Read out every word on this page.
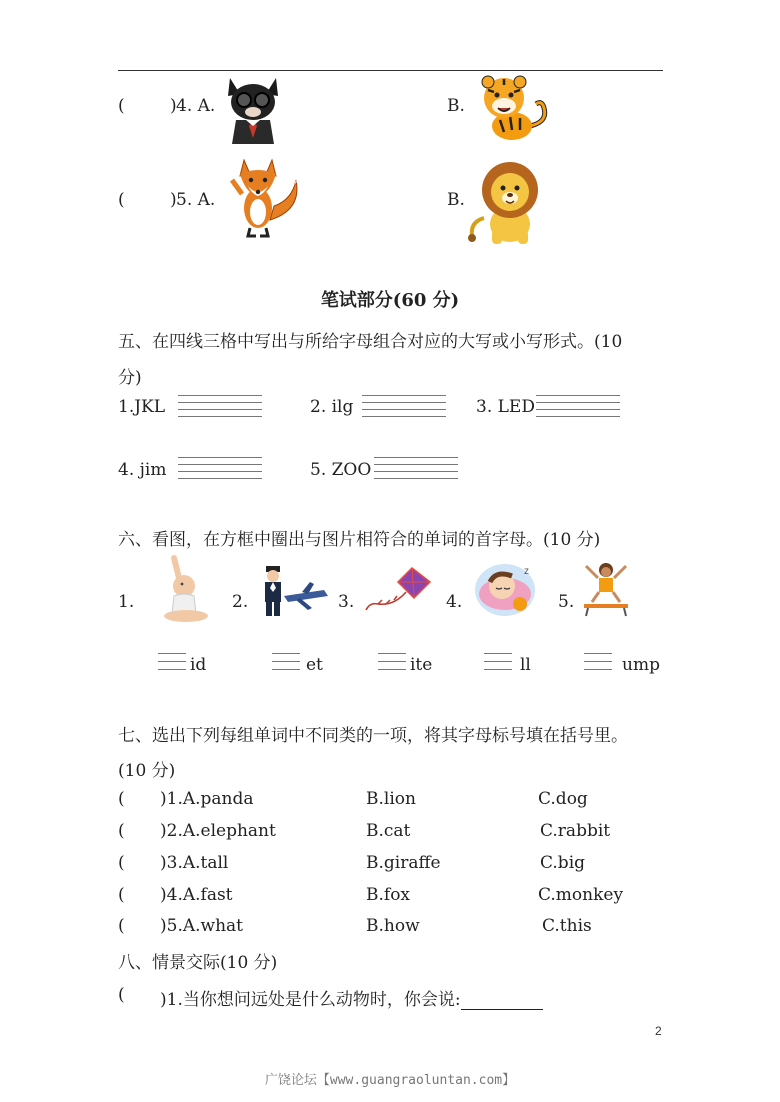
(	) 4. A.	B.
(	) 5. A.	B.
笔试部分(60 分)
五、在四线三格中写出与所给字母组合对应的大写或小写形式。(10
分)
1.JKL	2. ilg	3. LED
4. jim	5. ZOO
六、看图，在方框中圈出与图片相符合的单词的首字母。(10 分)
1.	2.	3.	4.
z
5.
id	et	ite	ll	ump
七、选出下列每组单词中不同类的一项，将其字母标号填在括号里。
(10 分)
( )1.A.panda	B.lion	C.dog
( )2.A.elephant	B.cat	C.rabbit
( )3.A.tall	B.giraffe	C.big
( )4.A.fast	B.fox	C.monkey
( )5.A.what	B.how	C.this
八、情景交际(10 分)
( )1.当你想问远处是什么动物时，你会说:
2
广饶论坛【www.guangraoluntan.com】
